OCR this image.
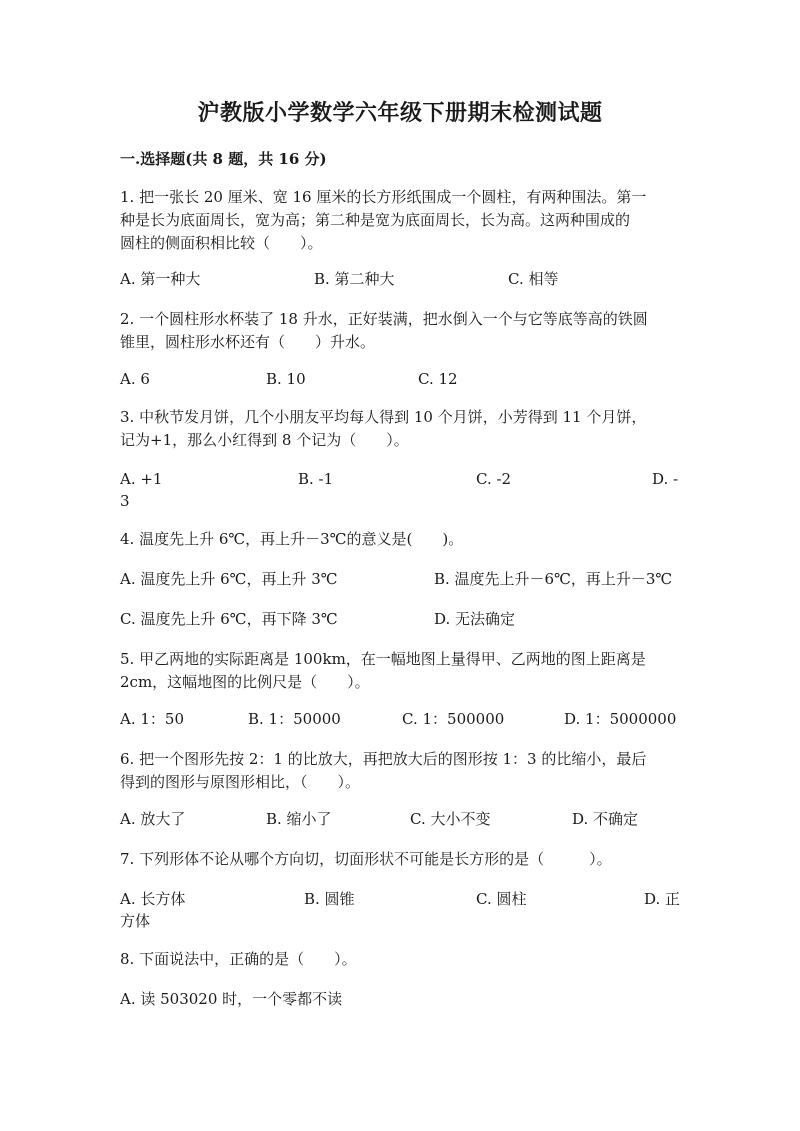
沪教版小学数学六年级下册期末检测试题
一.选择题(共 8 题，共 16 分)
1. 把一张长 20 厘米、宽 16 厘米的长方形纸围成一个圆柱，有两种围法。第一
种是长为底面周长，宽为高；第二种是宽为底面周长，长为高。这两种围成的
圆柱的侧面积相比较（　　）。
A. 第一种大	B. 第二种大	C. 相等
2. 一个圆柱形水杯装了 18 升水，正好装满，把水倒入一个与它等底等高的铁圆
锥里，圆柱形水杯还有（　　）升水。
A. 6	B. 10	C. 12
3. 中秋节发月饼，几个小朋友平均每人得到 10 个月饼，小芳得到 11 个月饼，
记为+1，那么小红得到 8 个记为（　　）。
A. +1	B. -1	C. -2	D. -
3
4. 温度先上升 6℃，再上升－3℃的意义是(　　)。
A. 温度先上升 6℃，再上升 3℃	B. 温度先上升－6℃，再上升－3℃
C. 温度先上升 6℃，再下降 3℃	D. 无法确定
5. 甲乙两地的实际距离是 100km，在一幅地图上量得甲、乙两地的图上距离是
2cm，这幅地图的比例尺是（　　）。
A. 1：50	B. 1：50000	C. 1：500000	D. 1：5000000
6. 把一个图形先按 2：1 的比放大，再把放大后的图形按 1：3 的比缩小，最后
得到的图形与原图形相比，（　　）。
A. 放大了	B. 缩小了	C. 大小不变	D. 不确定
7. 下列形体不论从哪个方向切，切面形状不可能是长方形的是（　　　）。
A. 长方体	B. 圆锥	C. 圆柱	D. 正
方体
8. 下面说法中，正确的是（　　）。
A. 读 503020 时，一个零都不读
